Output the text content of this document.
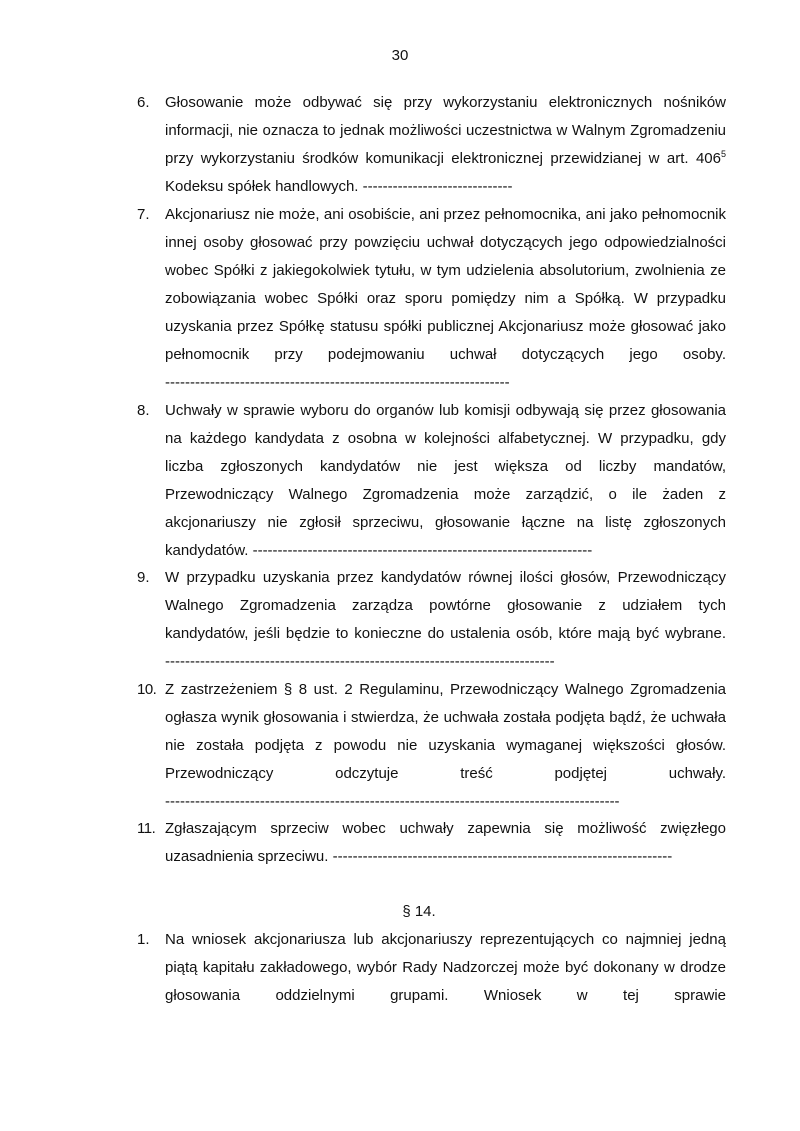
30
6. Głosowanie może odbywać się przy wykorzystaniu elektronicznych nośników informacji, nie oznacza to jednak możliwości uczestnictwa w Walnym Zgromadzeniu przy wykorzystaniu środków komunikacji elektronicznej przewidzianej w art. $406^5$ Kodeksu spółek handlowych. ------------------------------
7. Akcjonariusz nie może, ani osobiście, ani przez pełnomocnika, ani jako pełnomocnik innej osoby głosować przy powzięciu uchwał dotyczących jego odpowiedzialności wobec Spółki z jakiegokolwiek tytułu, w tym udzielenia absolutorium, zwolnienia ze zobowiązania wobec Spółki oraz sporu pomiędzy nim a Spółką. W przypadku uzyskania przez Spółkę statusu spółki publicznej Akcjonariusz może głosować jako pełnomocnik przy podejmowaniu uchwał dotyczących jego osoby. ---------------------------------------------------------------------
8. Uchwały w sprawie wyboru do organów lub komisji odbywają się przez głosowania na każdego kandydata z osobna w kolejności alfabetycznej. W przypadku, gdy liczba zgłoszonych kandydatów nie jest większa od liczby mandatów, Przewodniczący Walnego Zgromadzenia może zarządzić, o ile żaden z akcjonariuszy nie zgłosił sprzeciwu, głosowanie łączne na listę zgłoszonych kandydatów. --------------------------------------------------------------------
9. W przypadku uzyskania przez kandydatów równej ilości głosów, Przewodniczący Walnego Zgromadzenia zarządza powtórne głosowanie z udziałem tych kandydatów, jeśli będzie to konieczne do ustalenia osób, które mają być wybrane. ------------------------------------------------------------------------------
10. Z zastrzeżeniem § 8 ust. 2 Regulaminu, Przewodniczący Walnego Zgromadzenia ogłasza wynik głosowania i stwierdza, że uchwała została podjęta bądź, że uchwała nie została podjęta z powodu nie uzyskania wymaganej większości głosów. Przewodniczący odczytuje treść podjętej uchwały. -------------------------------------------------------------------------------------------
11. Zgłaszającym sprzeciw wobec uchwały zapewnia się możliwość zwięzłego uzasadnienia sprzeciwu. --------------------------------------------------------------------
§ 14.
1. Na wniosek akcjonariusza lub akcjonariuszy reprezentujących co najmniej jedną piątą kapitału zakładowego, wybór Rady Nadzorczej może być dokonany w drodze głosowania oddzielnymi grupami. Wniosek w tej sprawie
